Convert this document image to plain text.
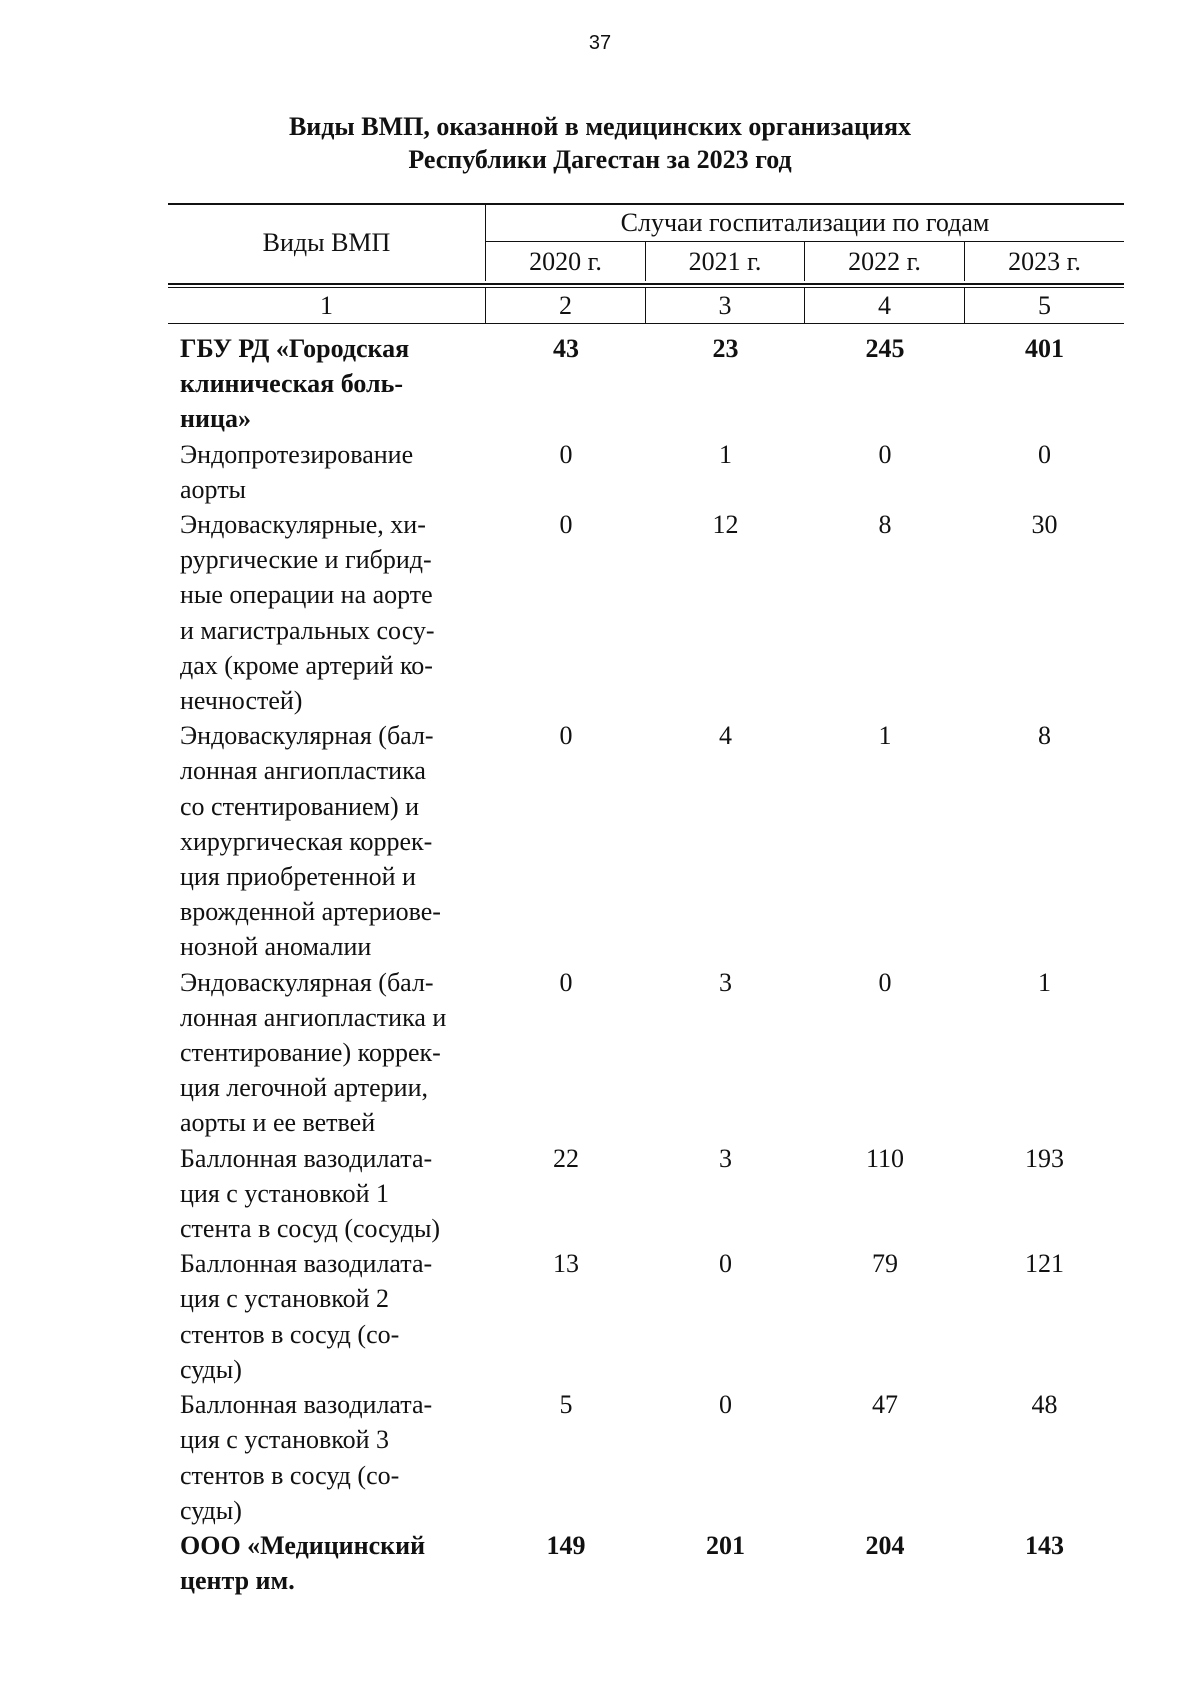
37
Виды ВМП, оказанной в медицинских организациях
Республики Дагестан за 2023 год
Виды ВМП
Случаи госпитализации по годам
2020 г.	2021 г.	2022 г.	2023 г.
1	2	3	4	5
ГБУ РД «Городская
клиническая боль-
ница»
43	23	245	401
Эндопротезирование
аорты
0	1	0	0
Эндоваскулярные, хи-
рургические и гибрид-
ные операции на аорте
и магистральных сосу-
дах (кроме артерий ко-
нечностей)
0	12	8	30
Эндоваскулярная (бал-
лонная ангиопластика
со стентированием) и
хирургическая коррек-
ция приобретенной и
врожденной артериове-
нозной аномалии
0	4	1	8
Эндоваскулярная (бал-
лонная ангиопластика и
стентирование) коррек-
ция легочной артерии,
аорты и ее ветвей
0	3	0	1
Баллонная вазодилата-
ция с установкой 1
стента в сосуд (сосуды)
22	3	110	193
Баллонная вазодилата-
ция с установкой 2
стентов в сосуд (со-
суды)
13	0	79	121
Баллонная вазодилата-
ция с установкой 3
стентов в сосуд (со-
суды)
5	0	47	48
ООО «Медицинский
центр им.
149	201	204	143
